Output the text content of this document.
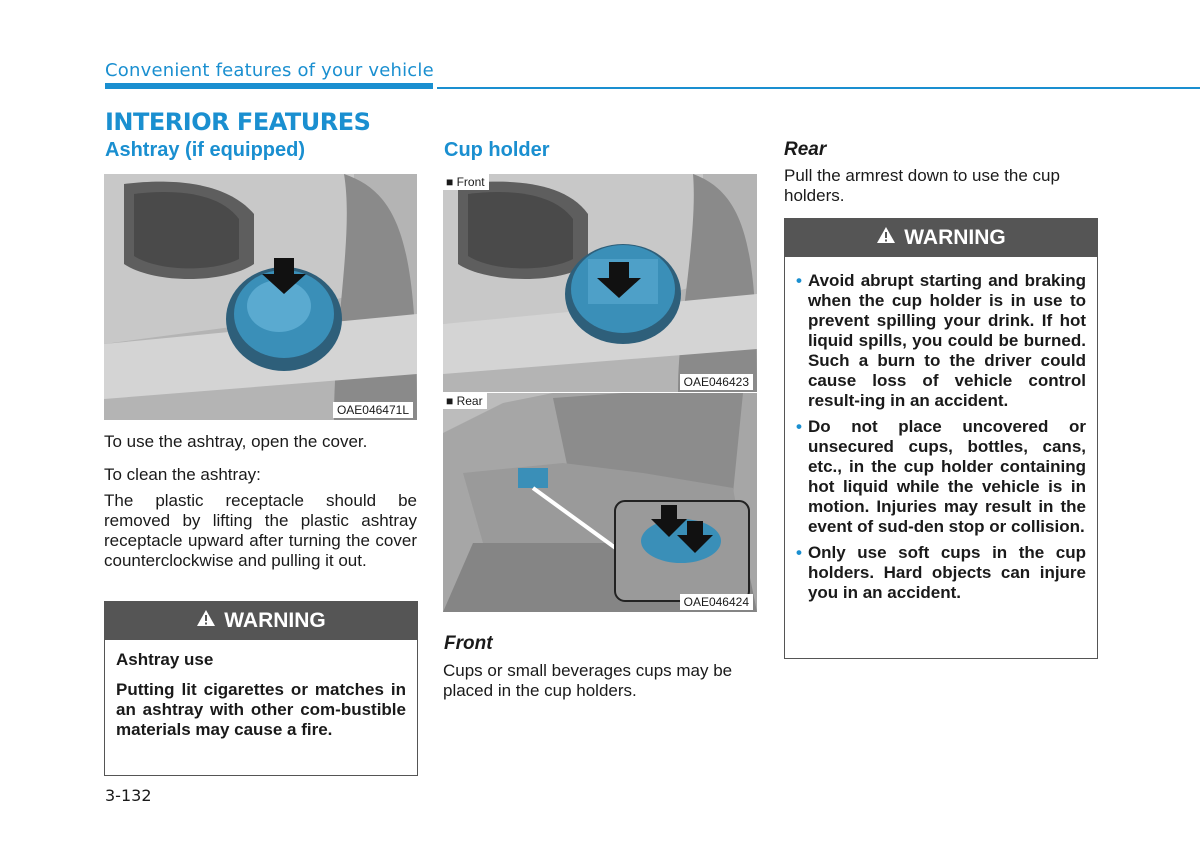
Convenient features of your vehicle
INTERIOR FEATURES
Ashtray (if equipped)
OAE046471L

To use the ashtray, open the cover.

To clean the ashtray:

The plastic receptacle should be removed by lifting the plastic ashtray receptacle upward after turning the cover counterclockwise and pulling it out.

WARNING

Ashtray use

Putting lit cigarettes or matches in an ashtray with other com-bustible materials may cause a fire.

3-132
Cup holder
■ Front
OAE046423
■ Rear
OAE046424

Front

Cups or small beverages cups may be placed in the cup holders.

Rear

Pull the armrest down to use the cup holders.

WARNING
• Avoid abrupt starting and braking when the cup holder is in use to prevent spilling your drink. If hot liquid spills, you could be burned. Such a burn to the driver could cause loss of vehicle control result-ing in an accident.
• Do not place uncovered or unsecured cups, bottles, cans, etc., in the cup holder containing hot liquid while the vehicle is in motion. Injuries may result in the event of sud-den stop or collision.
• Only use soft cups in the cup holders. Hard objects can injure you in an accident.
